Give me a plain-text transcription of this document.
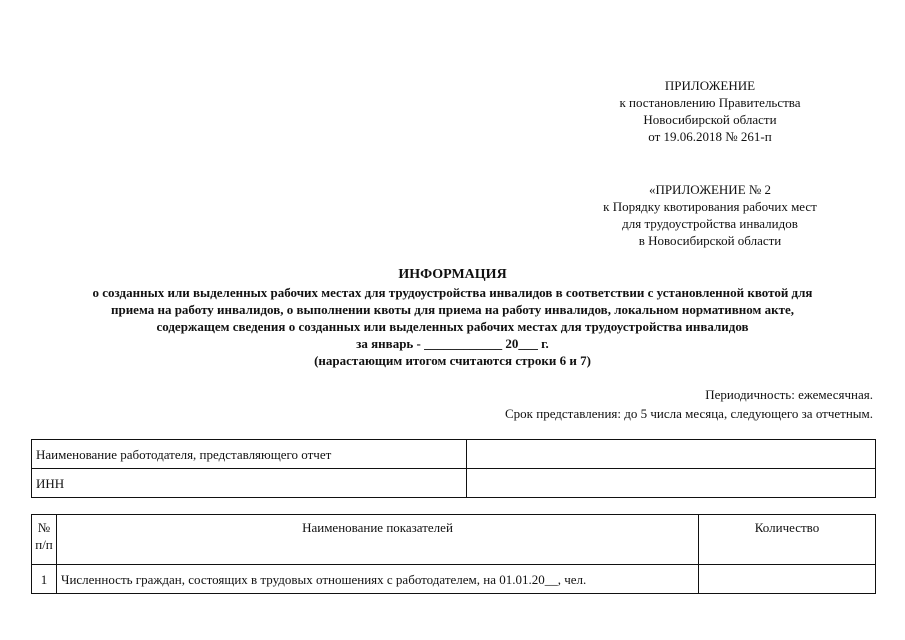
ПРИЛОЖЕНИЕ
к постановлению Правительства
Новосибирской области
от 19.06.2018 № 261-п
«ПРИЛОЖЕНИЕ № 2
к Порядку квотирования рабочих мест
для трудоустройства инвалидов
в Новосибирской области
ИНФОРМАЦИЯ
о созданных или выделенных рабочих местах для трудоустройства инвалидов в соответствии с установленной квотой для
приема на работу инвалидов, о выполнении квоты для приема на работу инвалидов, локальном нормативном акте,
содержащем сведения о созданных или выделенных рабочих местах для трудоустройства инвалидов
за январь - ____________ 20___ г.
(нарастающим итогом считаются строки 6 и 7)
Периодичность: ежемесячная.
Срок представления: до 5 числа месяца, следующего за отчетным.
Наименование работодателя, представляющего отчет	
ИНН	
№ п/п	Наименование показателей	Количество
1	Численность граждан, состоящих в трудовых отношениях с работодателем, на 01.01.20__, чел.	
